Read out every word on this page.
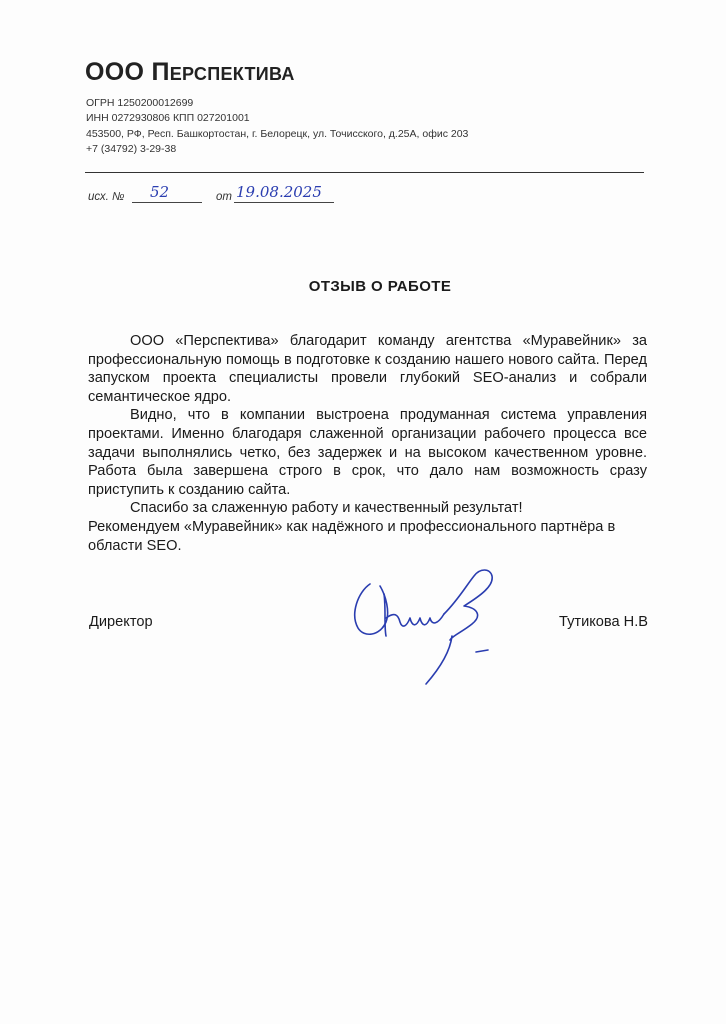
ООО Перспектива
ОГРН 1250200012699
ИНН 0272930806 КПП 027201001
453500, РФ, Респ. Башкортостан, г. Белорецк, ул. Точисского, д.25А, офис 203
+7 (34792) 3-29-38
исх. № 52	от 19.08.2025
ОТЗЫВ О РАБОТЕ

ООО «Перспектива» благодарит команду агентства «Муравейник» за профессиональную помощь в подготовке к созданию нашего нового сайта. Перед запуском проекта специалисты провели глубокий SEO-анализ и собрали семантическое ядро.

Видно, что в компании выстроена продуманная система управления проектами. Именно благодаря слаженной организации рабочего процесса все задачи выполнялись четко, без задержек и на высоком качественном уровне. Работа была завершена строго в срок, что дало нам возможность сразу приступить к созданию сайта.

Спасибо за слаженную работу и качественный результат!

Рекомендуем «Муравейник» как надёжного и профессионального партнёра в области SEO.

Директор	Тутикова Н.В
